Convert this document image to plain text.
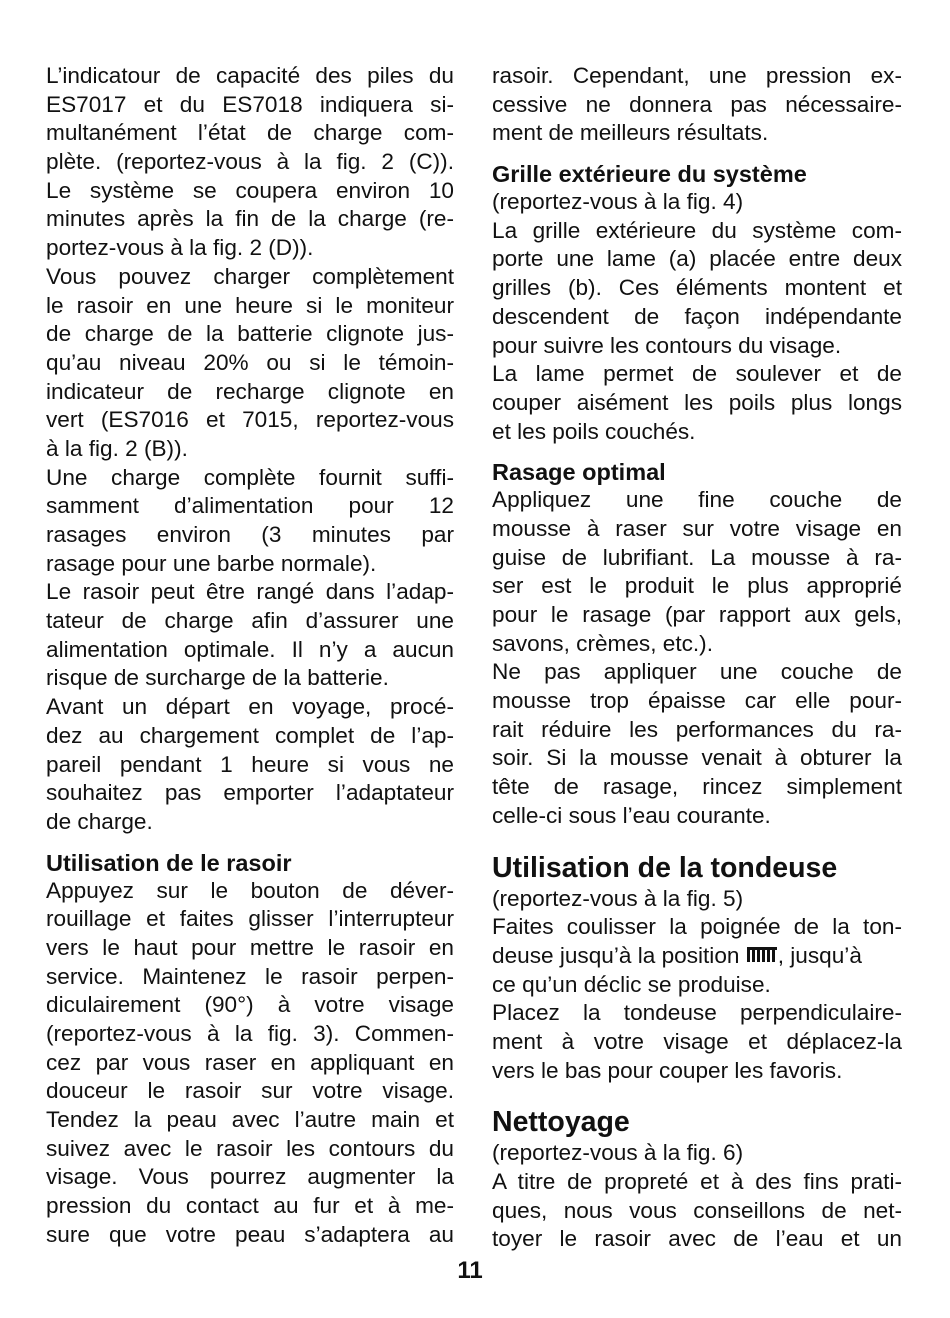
L’indicatour de capacité des piles du
ES7017 et du ES7018 indiquera si-
multanément l’état de charge com-
plète. (reportez-vous à la fig. 2 (C)).
Le système se coupera environ 10
minutes après la fin de la charge (re-
portez-vous à la fig. 2 (D)).
Vous pouvez charger complètement
le rasoir en une heure si le moniteur
de charge de la batterie clignote jus-
qu’au niveau 20% ou si le témoin-
indicateur de recharge clignote en
vert (ES7016 et 7015, reportez-vous
à la fig. 2 (B)).
Une charge complète fournit suffi-
samment d’alimentation pour 12
rasages environ (3 minutes par
rasage pour une barbe normale).
Le rasoir peut être rangé dans l’adap-
tateur de charge afin d’assurer une
alimentation optimale. Il n’y a aucun
risque de surcharge de la batterie.
Avant un départ en voyage, procé-
dez au chargement complet de l’ap-
pareil pendant 1 heure si vous ne
souhaitez pas emporter l’adaptateur
de charge.
Utilisation de le rasoir
Appuyez sur le bouton de déver-
rouillage et faites glisser l’interrupteur
vers le haut pour mettre le rasoir en
service. Maintenez le rasoir perpen-
diculairement (90°) à votre visage
(reportez-vous à la fig. 3). Commen-
cez par vous raser en appliquant en
douceur le rasoir sur votre visage.
Tendez la peau avec l’autre main et
suivez avec le rasoir les contours du
visage. Vous pourrez augmenter la
pression du contact au fur et à me-
sure que votre peau s’adaptera au
rasoir. Cependant, une pression ex-
cessive ne donnera pas nécessaire-
ment de meilleurs résultats.
Grille extérieure du système
(reportez-vous à la fig. 4)
La grille extérieure du système com-
porte une lame (a) placée entre deux
grilles (b). Ces éléments montent et
descendent de façon indépendante
pour suivre les contours du visage.
La lame permet de soulever et de
couper aisément les poils plus longs
et les poils couchés.
Rasage optimal
Appliquez une fine couche de
mousse à raser sur votre visage en
guise de lubrifiant. La mousse à ra-
ser est le produit le plus approprié
pour le rasage (par rapport aux gels,
savons, crèmes, etc.).
Ne pas appliquer une couche de
mousse trop épaisse car elle pour-
rait réduire les performances du ra-
soir. Si la mousse venait à obturer la
tête de rasage, rincez simplement
celle-ci sous l’eau courante.
Utilisation de la tondeuse
(reportez-vous à la fig. 5)
Faites coulisser la poignée de la ton-
deuse jusqu’à la position , jusqu’à
ce qu’un déclic se produise.
Placez la tondeuse perpendiculaire-
ment à votre visage et déplacez-la
vers le bas pour couper les favoris.
Nettoyage
(reportez-vous à la fig. 6)
A titre de propreté et à des fins prati-
ques, nous vous conseillons de net-
toyer le rasoir avec de l’eau et un
11
